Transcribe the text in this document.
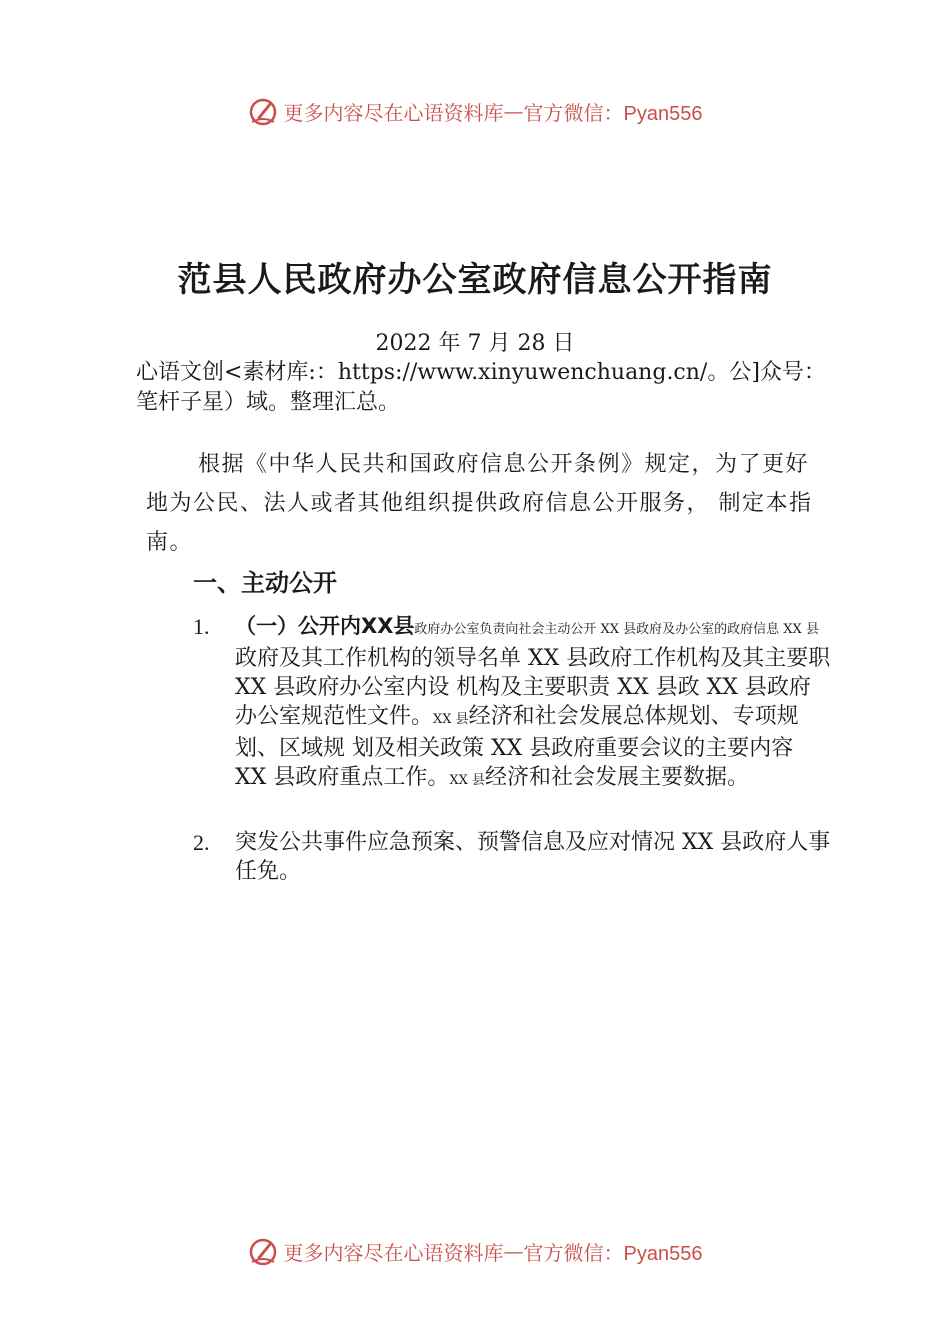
更多内容尽在心语资料库 — 官方微信：Pyan556
范县人民政府办公室政府信息公开指南
2022 年 7 月 28 日
心语文创<素材库:：https://www.xinyuwenchuang.cn/。公]众号：笔杆子星）域。整理汇总。
根据《中华人民共和国政府信息公开条例》规定，为了更好地为公民、法人或者其他组织提供政府信息公开服务， 制定本指南。
一、主动公开
1. （一）公开内XX县政府办公室负责向社会主动公开 XX 县政府及办公室的政府信息 XX 县政府及其工作机构的领导名单 XX 县政府工作机构及其主要职 XX 县政府办公室内设 机构及主要职责 XX 县政 XX 县政府办公室规范性文件。XX 县经济和社会发展总体规划、专项规划、区域规 划及相关政策 XX 县政府重要会议的主要内容 XX 县政府重点工作。XX 县经济和社会发展主要数据。
2. 突发公共事件应急预案、预警信息及应对情况 XX 县政府人事任免。
更多内容尽在心语资料库 — 官方微信：Pyan556
